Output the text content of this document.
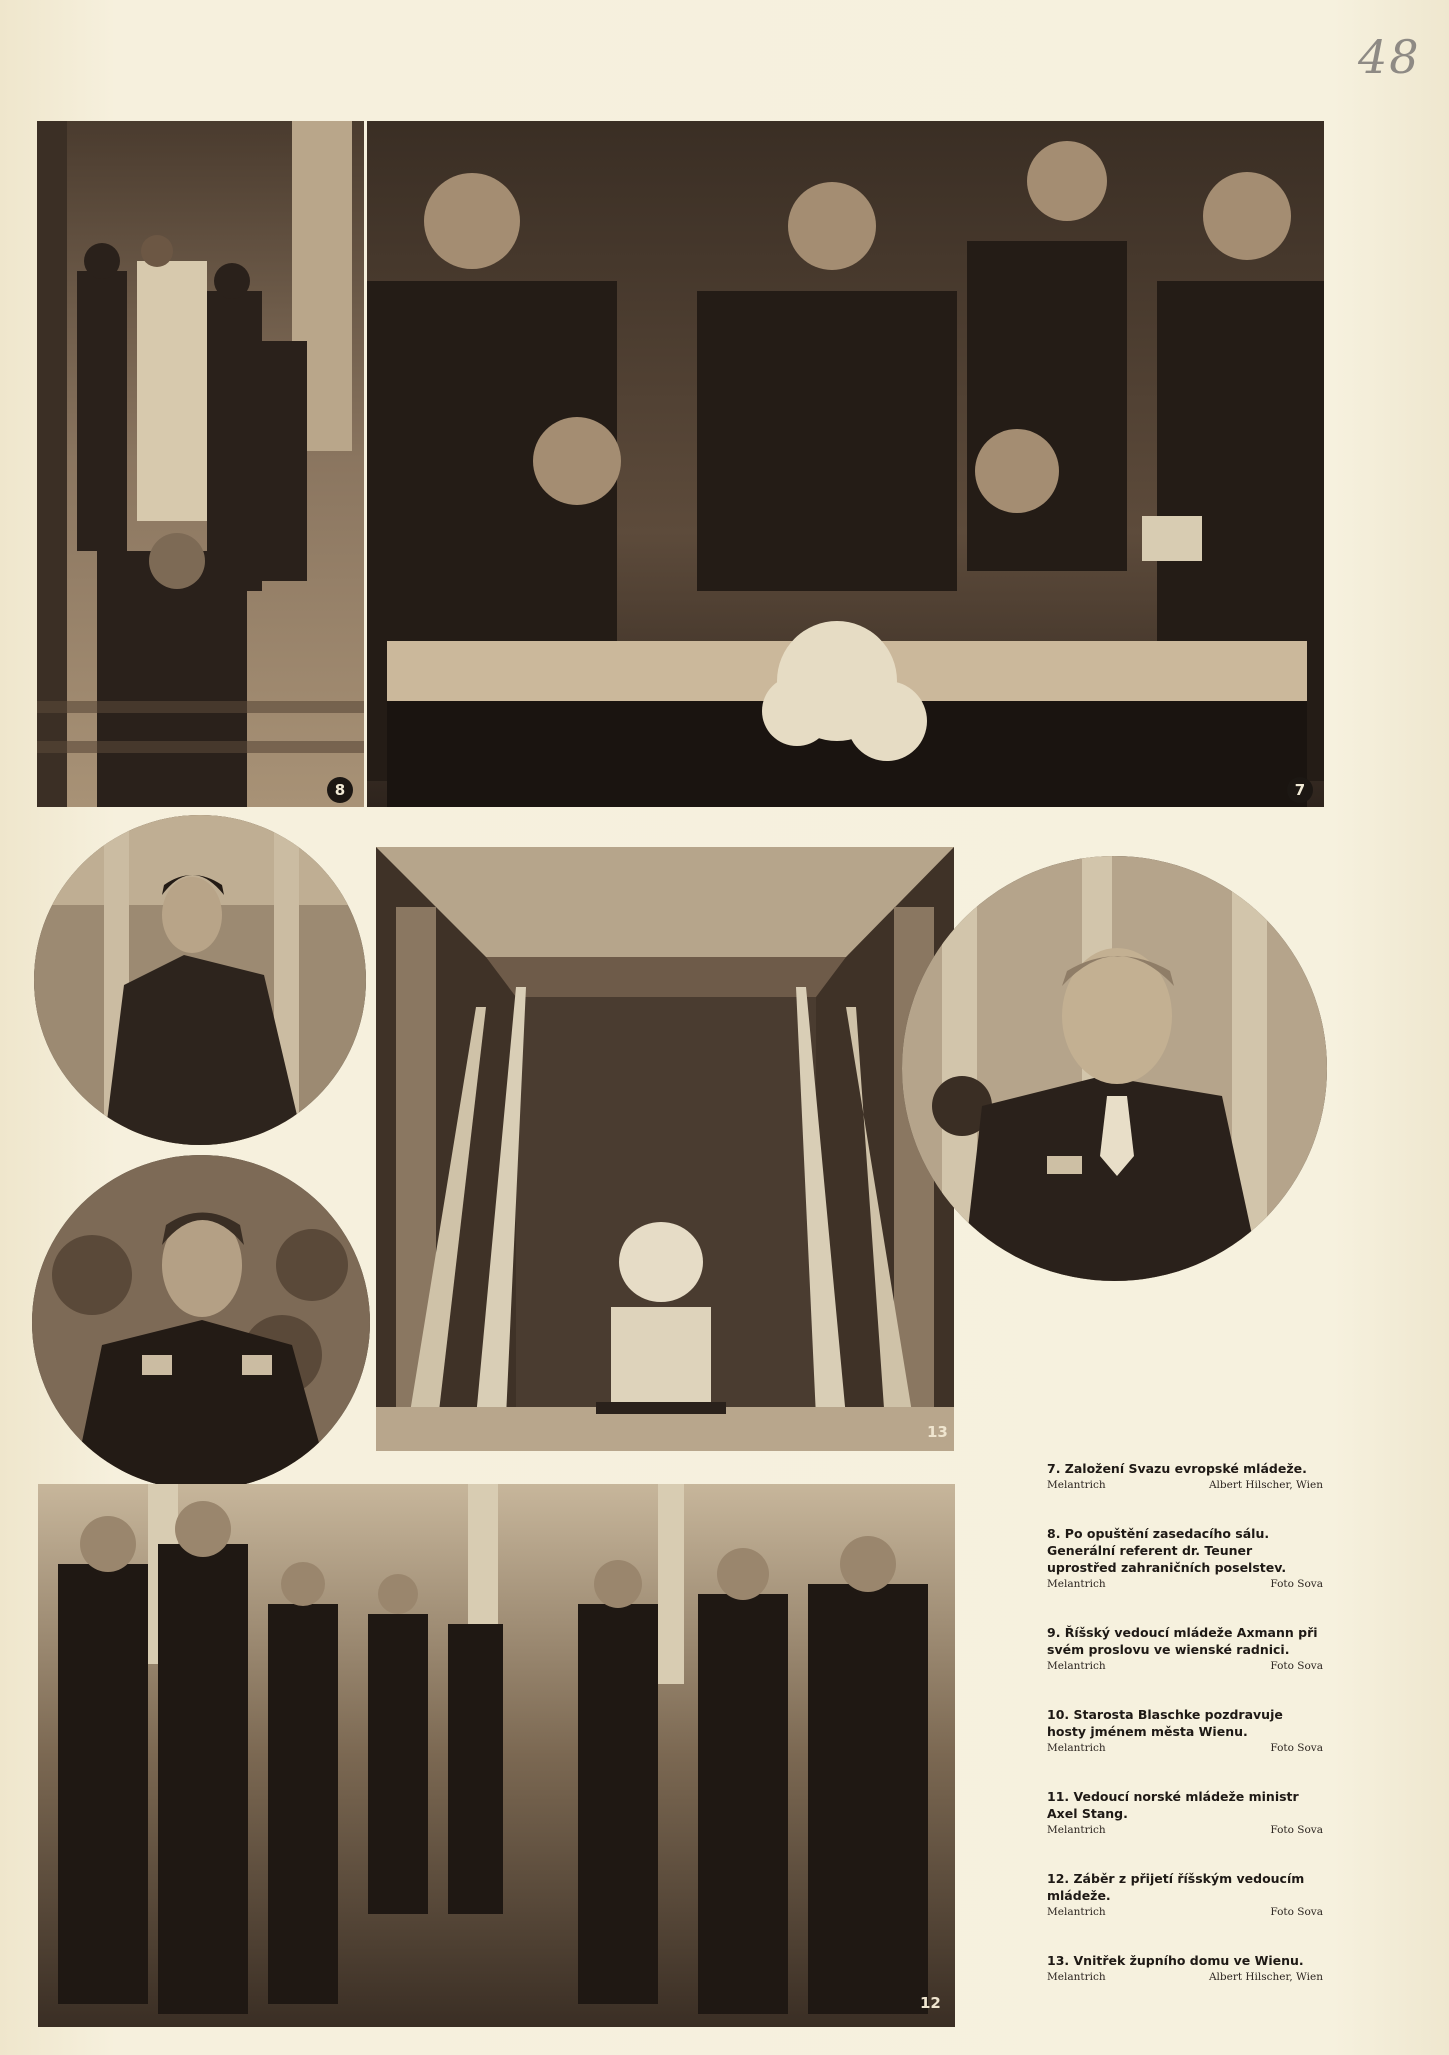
48
8	7
9
11
13
10
12
7. Založení Svazu evropské mládeže.
Melantrich	Albert Hilscher, Wien
8. Po opuštění zasedacího sálu. Generální referent dr. Teuner uprostřed zahraničních poselstev.
Melantrich	Foto Sova
9. Říšský vedoucí mládeže Axmann při svém proslovu ve wienské radnici.
Melantrich	Foto Sova
10. Starosta Blaschke pozdravuje hosty jménem města Wienu.
Melantrich	Foto Sova
11. Vedoucí norské mládeže ministr Axel Stang.
Melantrich	Foto Sova
12. Záběr z přijetí říšským vedoucím mládeže.
Melantrich	Foto Sova
13. Vnitřek župního domu ve Wienu.
Melantrich	Albert Hilscher, Wien
